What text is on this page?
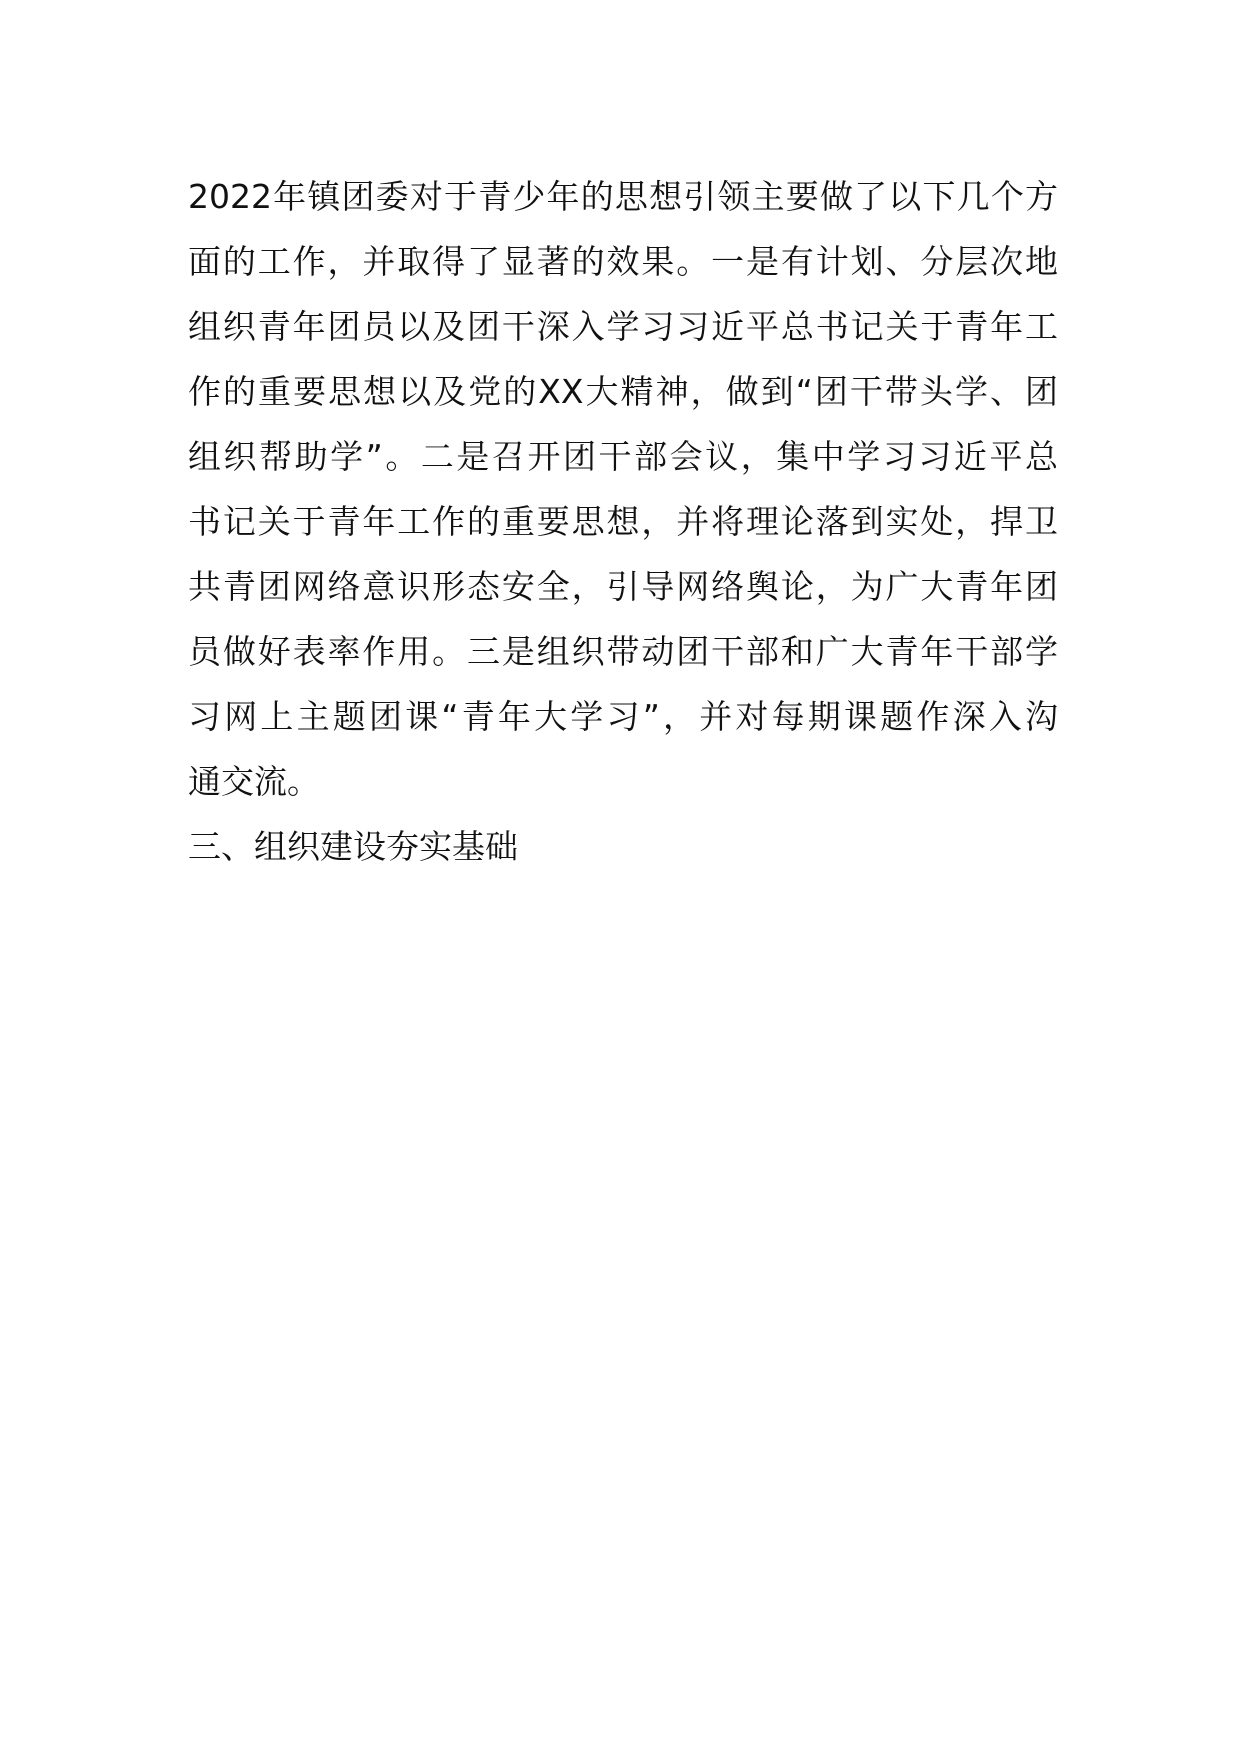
2022年镇团委对于青少年的思想引领主要做了以下几个方
面的工作，并取得了显著的效果。一是有计划、分层次地
组织青年团员以及团干深入学习习近平总书记关于青年工
作的重要思想以及党的XX大精神，做到“团干带头学、团
组织帮助学”。二是召开团干部会议，集中学习习近平总
书记关于青年工作的重要思想，并将理论落到实处，捍卫
共青团网络意识形态安全，引导网络舆论，为广大青年团
员做好表率作用。三是组织带动团干部和广大青年干部学
习网上主题团课“青年大学习”，并对每期课题作深入沟
通交流。
三、组织建设夯实基础
